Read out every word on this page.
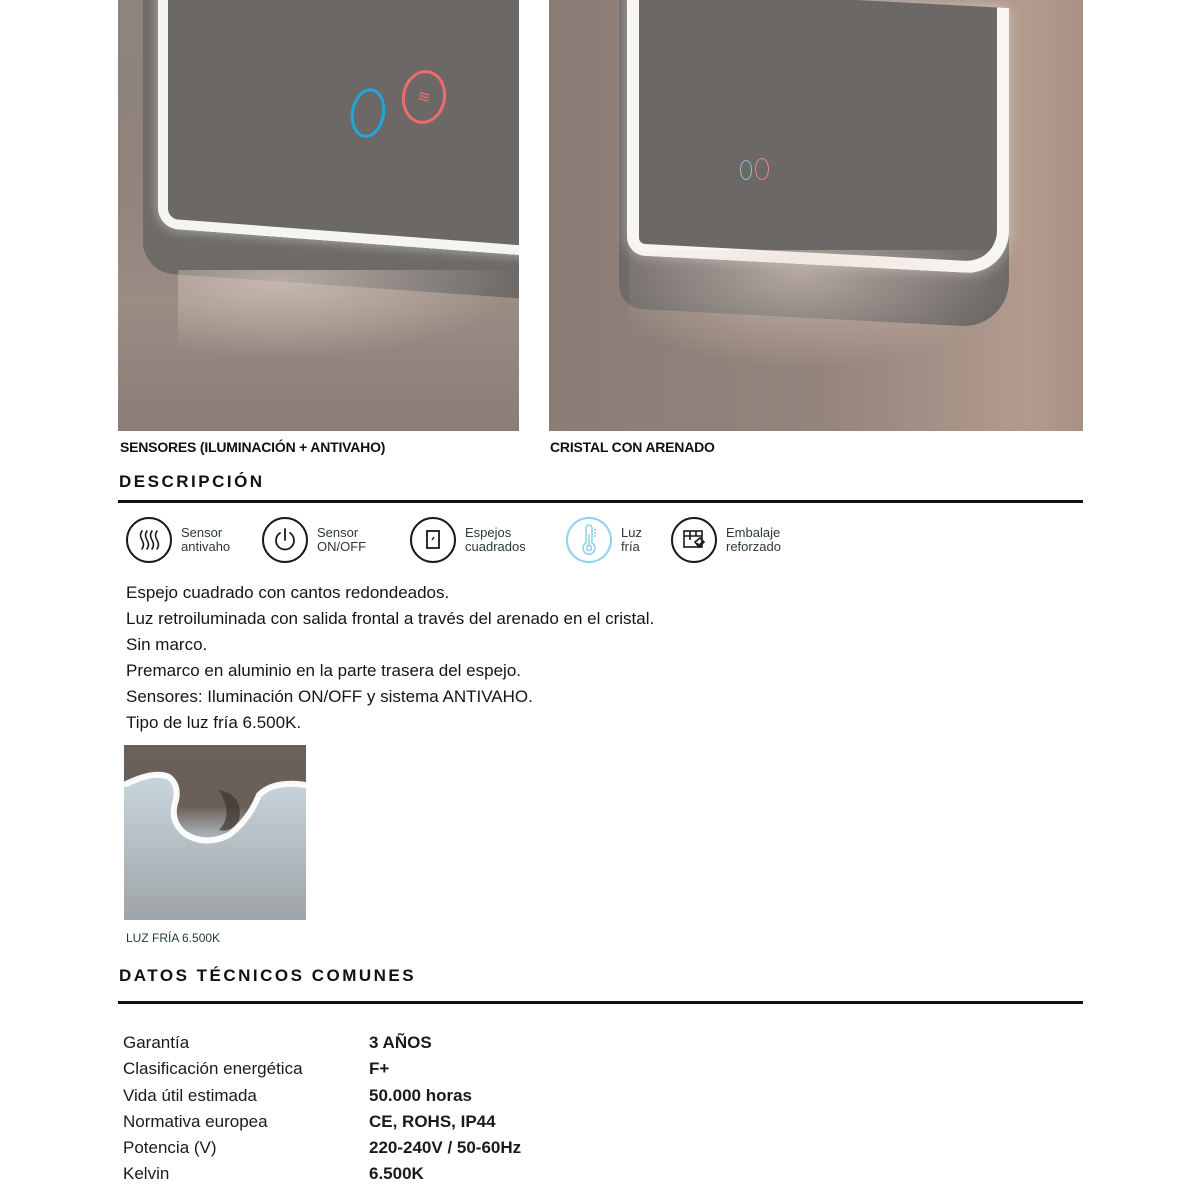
≋
SENSORES (ILUMINACIÓN + ANTIVAHO)	CRISTAL CON ARENADO
DESCRIPCIÓN
Sensor
antivaho
Sensor
ON/OFF
Espejos
cuadrados
Luz
fría
Embalaje
reforzado
Espejo cuadrado con cantos redondeados.
Luz retroiluminada con salida frontal a través del arenado en el cristal.
Sin marco.
Premarco en aluminio en la parte trasera del espejo.
Sensores: Iluminación ON/OFF y sistema ANTIVAHO.
Tipo de luz fría 6.500K.
LUZ FRÍA 6.500K
DATOS TÉCNICOS COMUNES
Garantía	3 AÑOS
Clasificación energética	F+
Vida útil estimada	50.000 horas
Normativa europea	CE, ROHS, IP44
Potencia (V)	220-240V / 50-60Hz
Kelvin	6.500K
